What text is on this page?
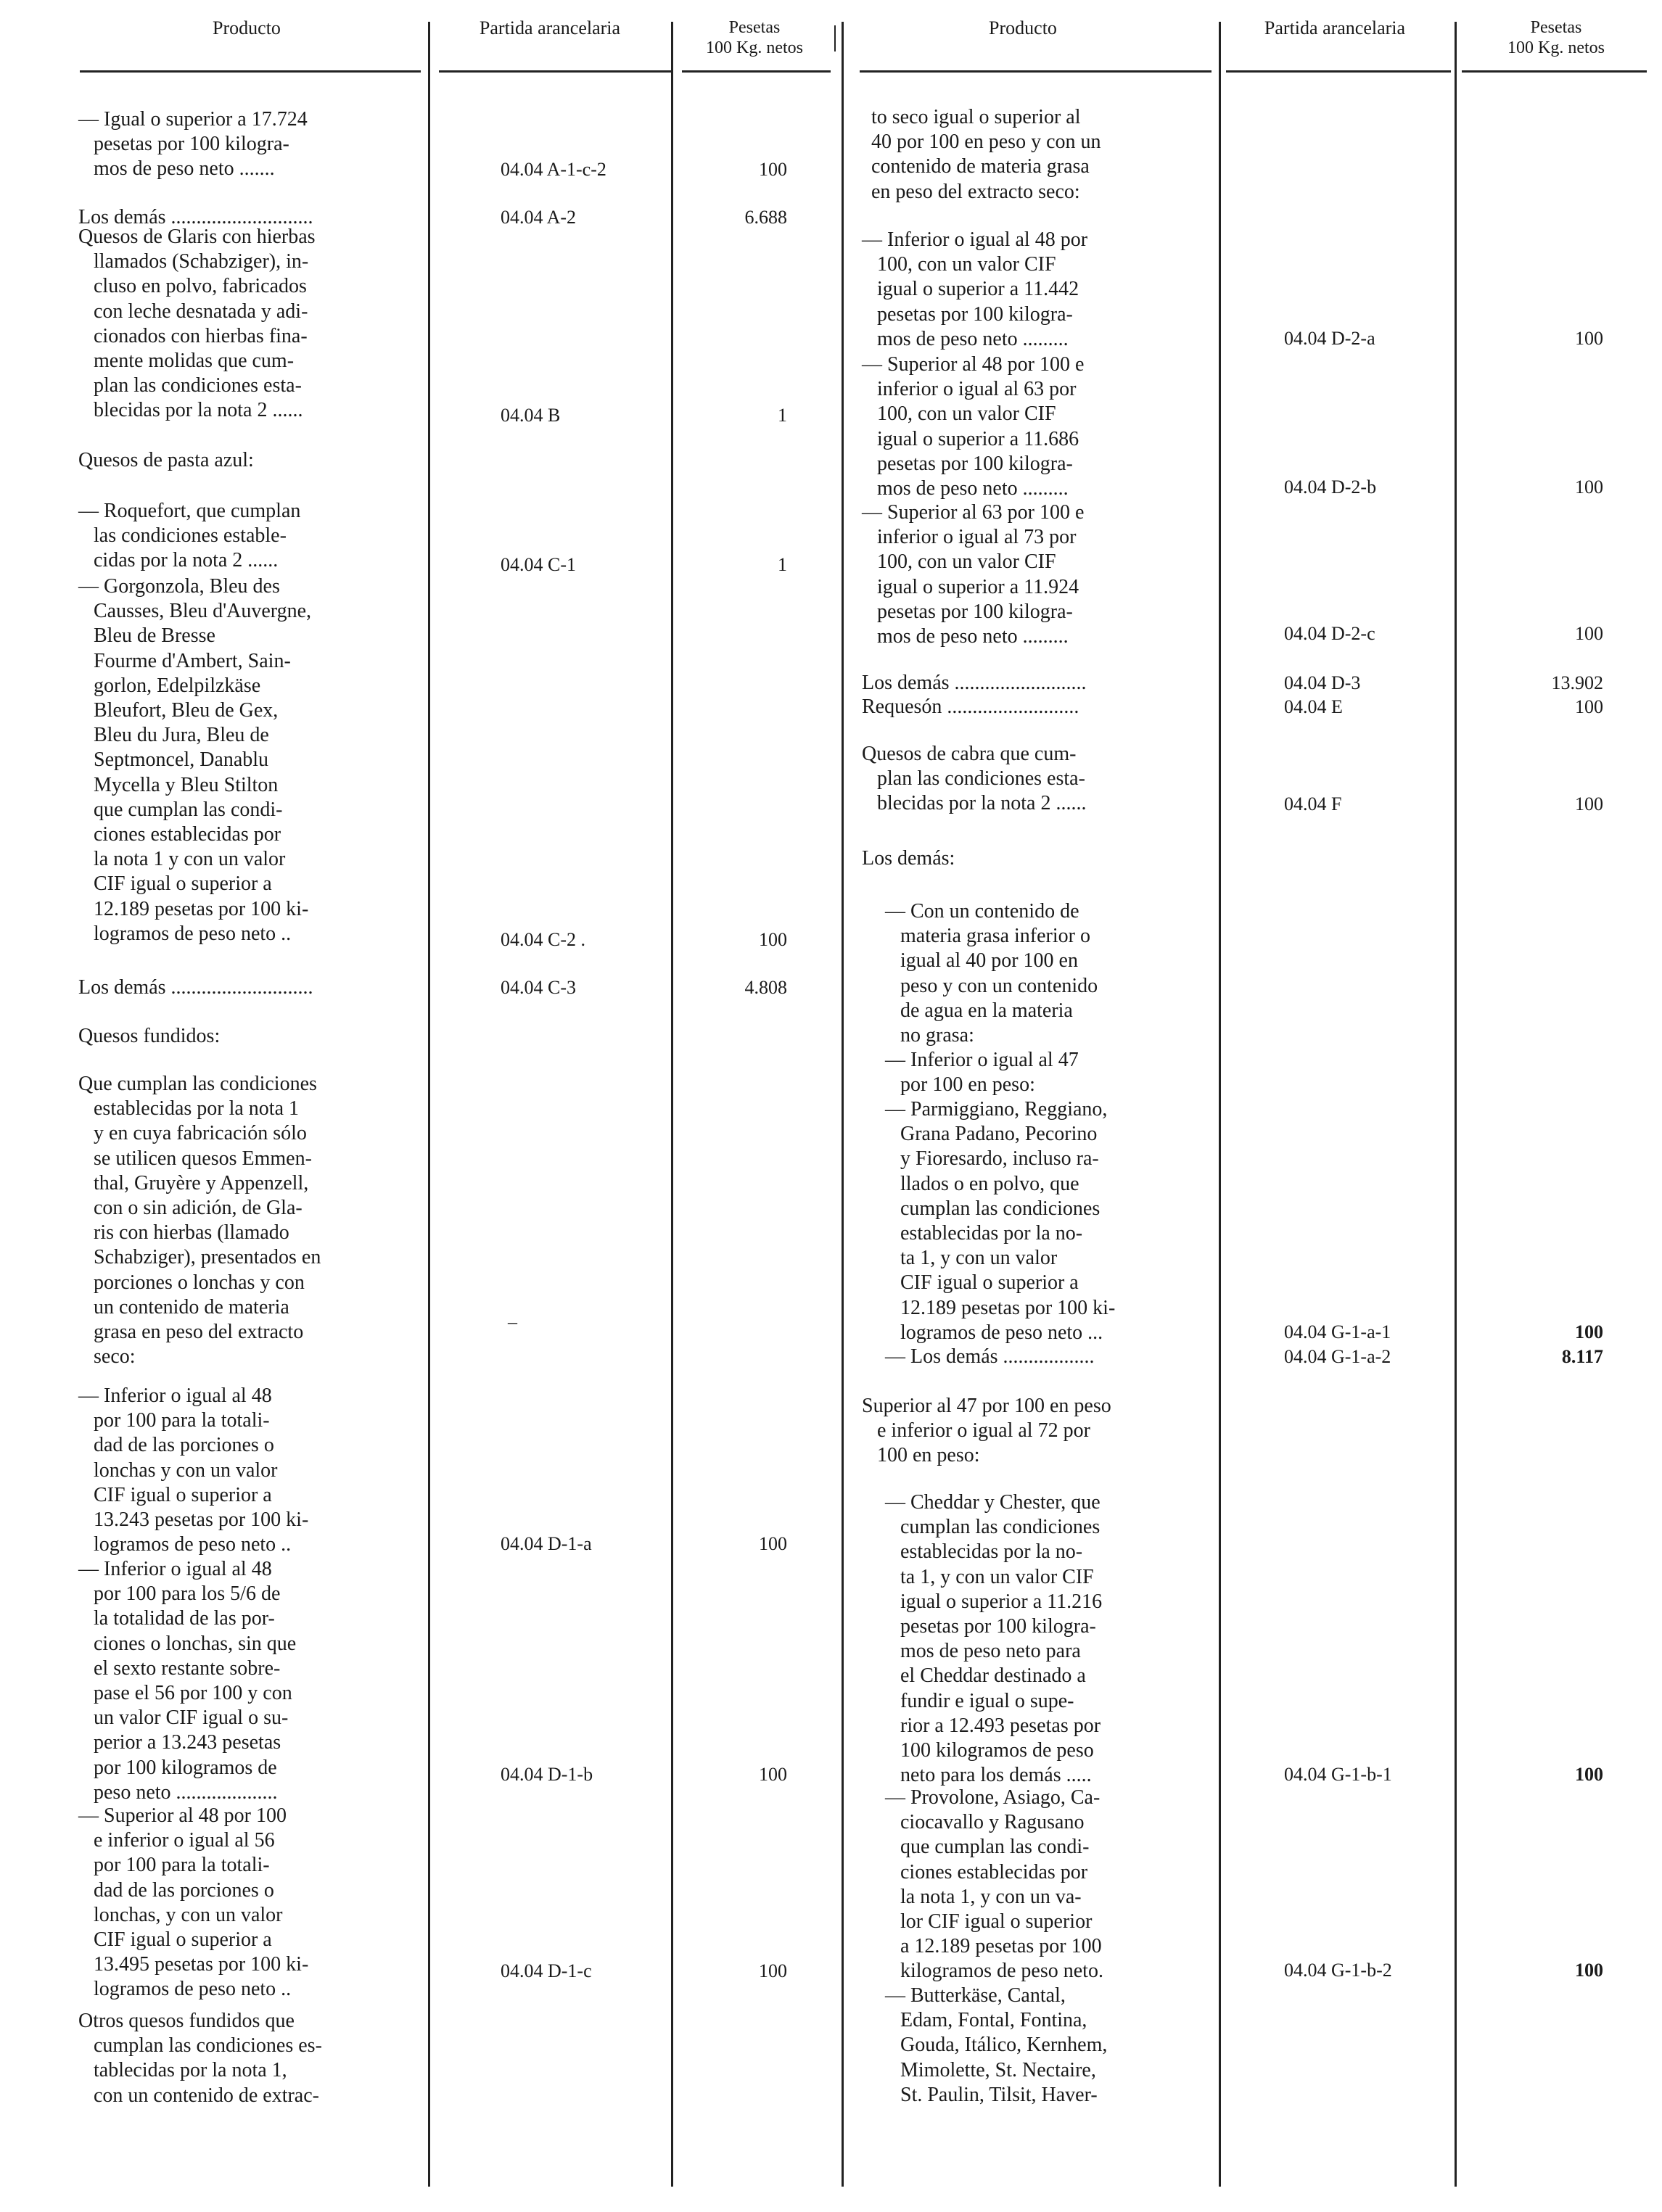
Producto	Partida arancelaria	Pesetas
100 Kg. netos
Producto	Partida arancelaria	Pesetas
100 Kg. netos
— Igual o superior a 17.724
pesetas por 100 kilogra-
mos de peso neto .......	04.04 A-1-c-2	100
Los demás ............................	04.04 A-2	6.688
Quesos de Glaris con hierbas
llamados (Schabziger), in-
cluso en polvo, fabricados
con leche desnatada y adi-
cionados con hierbas fina-
mente molidas que cum-
plan las condiciones esta-
blecidas por la nota 2 ......	04.04 B	1
Quesos de pasta azul:
— Roquefort, que cumplan
las condiciones estable-
cidas por la nota 2 ......	04.04 C-1	1
— Gorgonzola, Bleu des
Causses, Bleu d'Auvergne,
Bleu de Bresse
Fourme d'Ambert, Sain-
gorlon, Edelpilzkäse
Bleufort, Bleu de Gex,
Bleu du Jura, Bleu de
Septmoncel, Danablu
Mycella y Bleu Stilton
que cumplan las condi-
ciones establecidas por
la nota 1 y con un valor
CIF igual o superior a
12.189 pesetas por 100 ki-
logramos de peso neto ..	04.04 C-2 .	100
Los demás ............................	04.04 C-3	4.808
Quesos fundidos:
Que cumplan las condiciones
establecidas por la nota 1
y en cuya fabricación sólo
se utilicen quesos Emmen-
thal, Gruyère y Appenzell,
con o sin adición, de Gla-
ris con hierbas (llamado
Schabziger), presentados en
porciones o lonchas y con
un contenido de materia
grasa en peso del extracto
seco:
–
— Inferior o igual al 48
por 100 para la totali-
dad de las porciones o
lonchas y con un valor
CIF igual o superior a
13.243 pesetas por 100 ki-
logramos de peso neto ..	04.04 D-1-a	100
— Inferior o igual al 48
por 100 para los 5/6 de
la totalidad de las por-
ciones o lonchas, sin que
el sexto restante sobre-
pase el 56 por 100 y con
un valor CIF igual o su-
perior a 13.243 pesetas
por 100 kilogramos de
peso neto ....................
04.04 D-1-b	100
— Superior al 48 por 100
e inferior o igual al 56
por 100 para la totali-
dad de las porciones o
lonchas, y con un valor
CIF igual o superior a
13.495 pesetas por 100 ki-
logramos de peso neto ..
04.04 D-1-c	100
Otros quesos fundidos que
cumplan las condiciones es-
tablecidas por la nota 1,
con un contenido de extrac-
to seco igual o superior al
40 por 100 en peso y con un
contenido de materia grasa
en peso del extracto seco:
— Inferior o igual al 48 por
100, con un valor CIF
igual o superior a 11.442
pesetas por 100 kilogra-
mos de peso neto .........	04.04 D-2-a	100
— Superior al 48 por 100 e
inferior o igual al 63 por
100, con un valor CIF
igual o superior a 11.686
pesetas por 100 kilogra-
mos de peso neto .........	04.04 D-2-b	100
— Superior al 63 por 100 e
inferior o igual al 73 por
100, con un valor CIF
igual o superior a 11.924
pesetas por 100 kilogra-
mos de peso neto .........	04.04 D-2-c	100
Los demás ..........................	04.04 D-3	13.902
Requesón ..........................	04.04 E	100
Quesos de cabra que cum-
plan las condiciones esta-
blecidas por la nota 2 ......	04.04 F	100
Los demás:
— Con un contenido de
materia grasa inferior o
igual al 40 por 100 en
peso y con un contenido
de agua en la materia
no grasa:
— Inferior o igual al 47
por 100 en peso:
— Parmiggiano, Reggiano,
Grana Padano, Pecorino
y Fioresardo, incluso ra-
llados o en polvo, que
cumplan las condiciones
establecidas por la no-
ta 1, y con un valor
CIF igual o superior a
12.189 pesetas por 100 ki-
logramos de peso neto ...	04.04 G-1-a-1	100
— Los demás ..................	04.04 G-1-a-2	8.117
Superior al 47 por 100 en peso
e inferior o igual al 72 por
100 en peso:
— Cheddar y Chester, que
cumplan las condiciones
establecidas por la no-
ta 1, y con un valor CIF
igual o superior a 11.216
pesetas por 100 kilogra-
mos de peso neto para
el Cheddar destinado a
fundir e igual o supe-
rior a 12.493 pesetas por
100 kilogramos de peso
neto para los demás .....	04.04 G-1-b-1	100
— Provolone, Asiago, Ca-
ciocavallo y Ragusano
que cumplan las condi-
ciones establecidas por
la nota 1, y con un va-
lor CIF igual o superior
a 12.189 pesetas por 100
kilogramos de peso neto.	04.04 G-1-b-2	100
— Butterkäse, Cantal,
Edam, Fontal, Fontina,
Gouda, Itálico, Kernhem,
Mimolette, St. Nectaire,
St. Paulin, Tilsit, Haver-
